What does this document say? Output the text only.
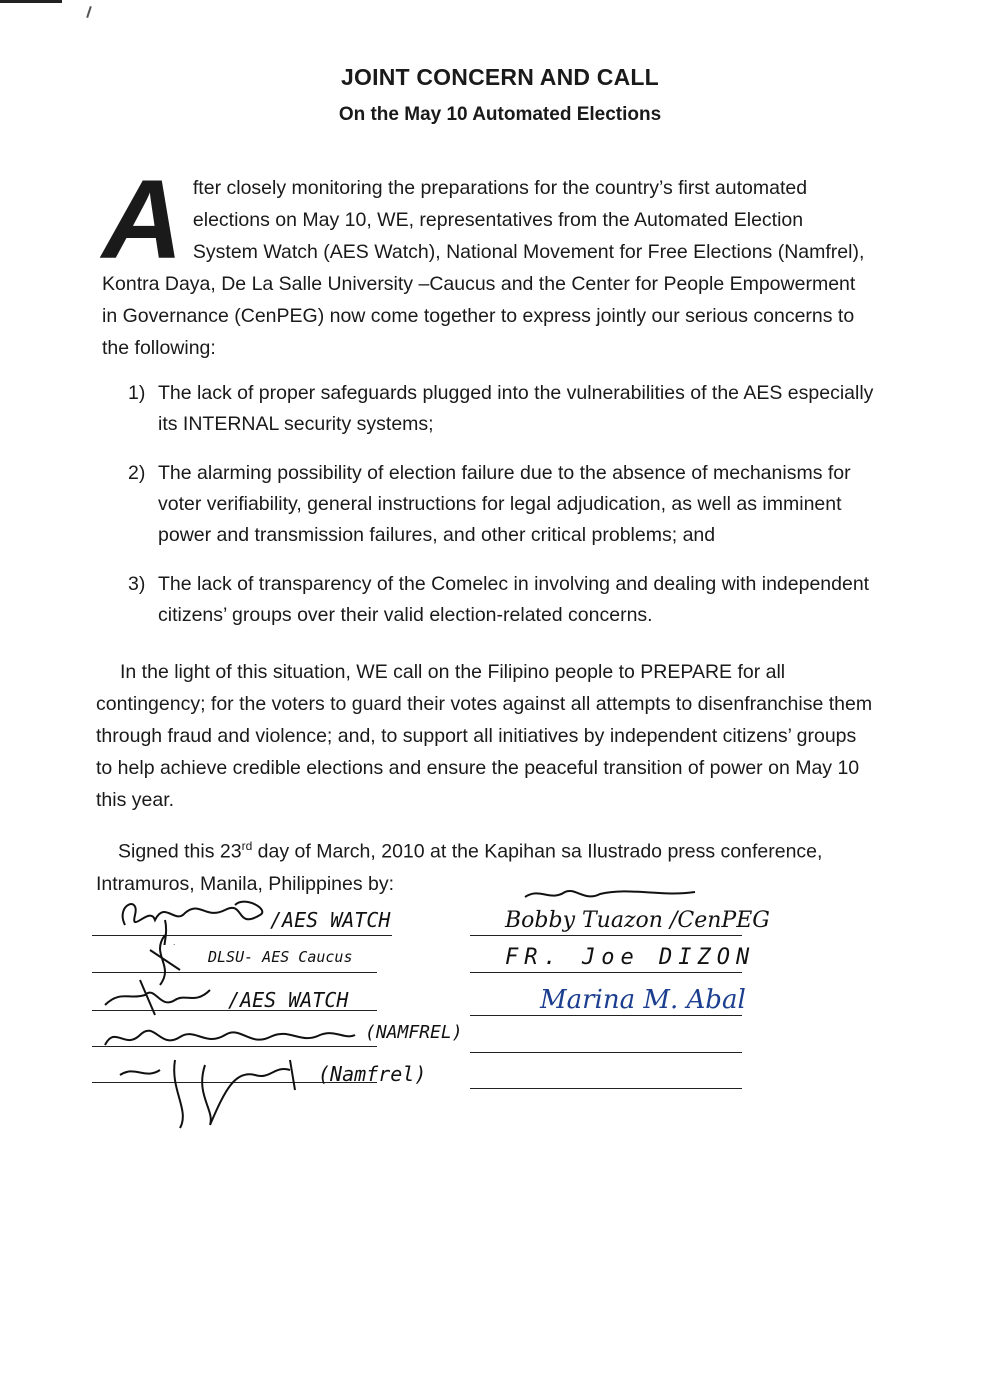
JOINT CONCERN AND CALL
On the May 10 Automated Elections

After closely monitoring the preparations for the country’s first automated elections on May 10, WE, representatives from the Automated Election System Watch (AES Watch), National Movement for Free Elections (Namfrel), Kontra Daya, De La Salle University –Caucus and the Center for People Empowerment in Governance (CenPEG) now come together to express jointly our serious concerns to the following:

1) The lack of proper safeguards plugged into the vulnerabilities of the AES especially its INTERNAL security systems;
2) The alarming possibility of election failure due to the absence of mechanisms for voter verifiability, general instructions for legal adjudication, as well as imminent power and transmission failures, and other critical problems; and
3) The lack of transparency of the Comelec in involving and dealing with independent citizens’ groups over their valid election-related concerns.

In the light of this situation, WE call on the Filipino people to PREPARE for all contingency; for the voters to guard their votes against all attempts to disenfranchise them through fraud and violence; and, to support all initiatives by independent citizens’ groups to help achieve credible elections and ensure the peaceful transition of power on May 10 this year.

Signed this 23rd day of March, 2010 at the Kapihan sa Ilustrado press conference, Intramuros, Manila, Philippines by:

/AES WATCH
DLSU- AES Caucus
/AES WATCH
(NAMFREL)
(Namfrel)
Bobby Tuazon /CenPEG
FR. Joe DIZON
Marina M. Abal
